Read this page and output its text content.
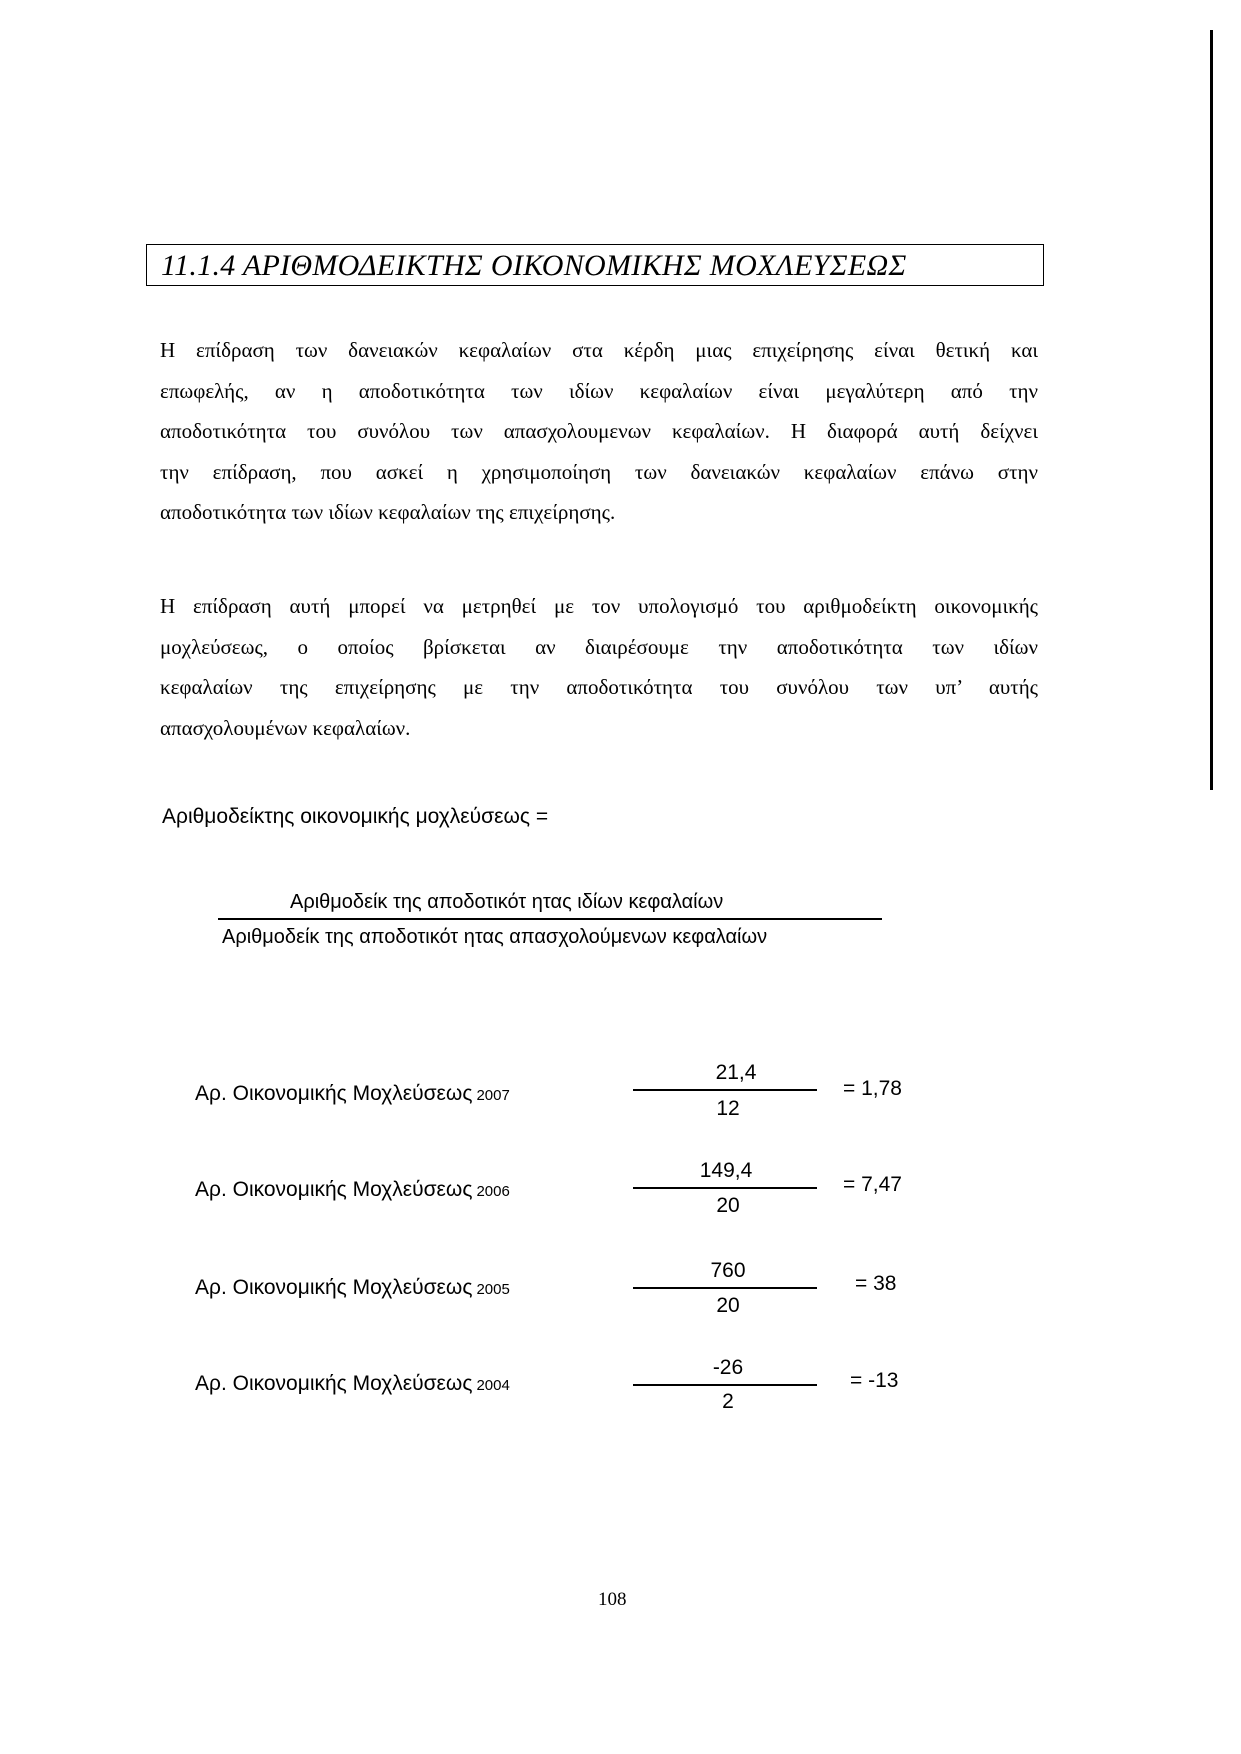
11.1.4 ΑΡΙΘΜΟΔΕΙΚΤΗΣ ΟΙΚΟΝΟΜΙΚΗΣ ΜΟΧΛΕΥΣΕΩΣ
Η επίδραση των δανειακών κεφαλαίων στα κέρδη μιας επιχείρησης είναι θετική και
επωφελής, αν η αποδοτικότητα των ιδίων κεφαλαίων είναι μεγαλύτερη από την
αποδοτικότητα του συνόλου των απασχολουμενων κεφαλαίων. Η διαφορά αυτή δείχνει
την επίδραση, που ασκεί η χρησιμοποίηση των δανειακών κεφαλαίων επάνω στην
αποδοτικότητα των ιδίων κεφαλαίων της επιχείρησης.
Η επίδραση αυτή μπορεί να μετρηθεί με τον υπολογισμό του αριθμοδείκτη οικονομικής
μοχλεύσεως, ο οποίος βρίσκεται αν διαιρέσουμε την αποδοτικότητα των ιδίων
κεφαλαίων της επιχείρησης με την αποδοτικότητα του συνόλου των υπ’ αυτής
απασχολουμένων κεφαλαίων.
Αριθμοδείκτης οικονομικής μοχλεύσεως =
Αριθμοδείκ της αποδοτικότ ητας ιδίων κεφαλαίων
Αριθμοδείκ της αποδοτικότ ητας απασχολούμενων κεφαλαίων
Αρ. Οικονομικής Μοχλεύσεως 2007
21,4
12
= 1,78
Αρ. Οικονομικής Μοχλεύσεως 2006
149,4
20
= 7,47
Αρ. Οικονομικής Μοχλεύσεως 2005
760
20
= 38
Αρ. Οικονομικής Μοχλεύσεως 2004
-26
2
= -13
108
